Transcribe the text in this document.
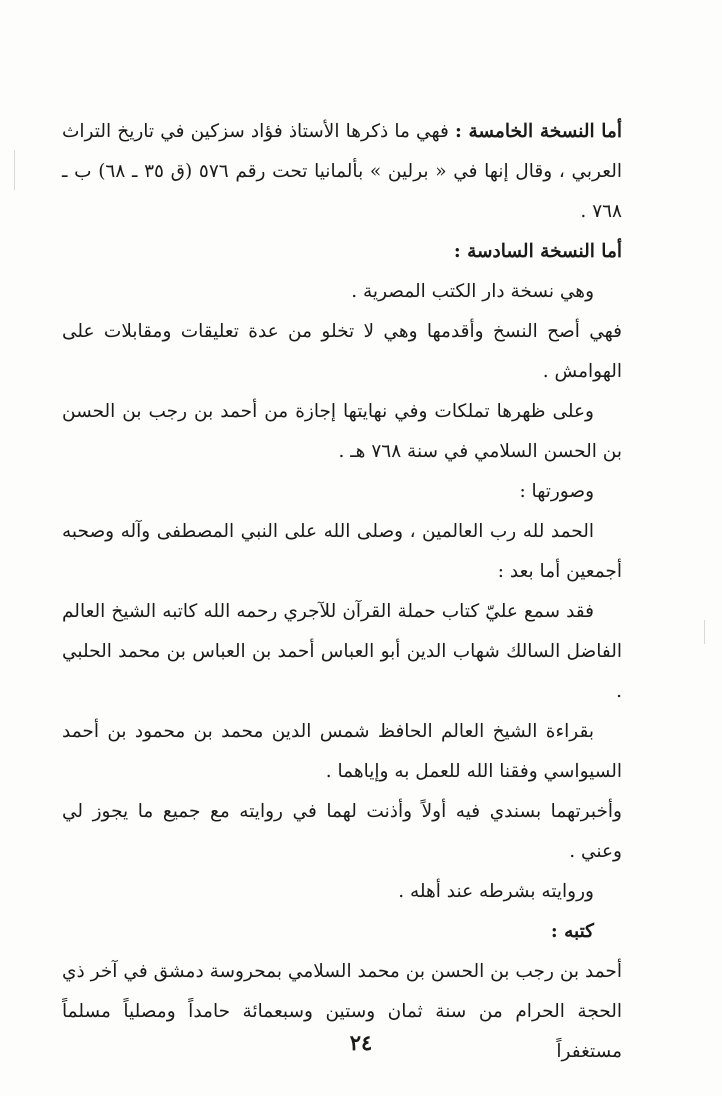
أما النسخة الخامسة : فهي ما ذكرها الأستاذ فؤاد سزكين في تاريخ التراث العربي ، وقال إنها في « برلين » بألمانيا تحت رقم ٥٧٦ (ق ٣٥ ـ ٦٨) ب ـ ٧٦٨ .

أما النسخة السادسة :

وهي نسخة دار الكتب المصرية .

فهي أصح النسخ وأقدمها وهي لا تخلو من عدة تعليقات ومقابلات على الهوامش .

وعلى ظهرها تملكات وفي نهايتها إجازة من أحمد بن رجب بن الحسن بن الحسن السلامي في سنة ٧٦٨ هـ .

وصورتها :

الحمد لله رب العالمين ، وصلى الله على النبي المصطفى وآله وصحبه أجمعين أما بعد :

فقد سمع عليّ كتاب حملة القرآن للآجري رحمه الله كاتبه الشيخ العالم الفاضل السالك شهاب الدين أبو العباس أحمد بن العباس بن محمد الحلبي .

بقراءة الشيخ العالم الحافظ شمس الدين محمد بن محمود بن أحمد السيواسي وفقنا الله للعمل به وإياهما .

وأخبرتهما بسندي فيه أولاً وأذنت لهما في روايته مع جميع ما يجوز لي وعني .

وروايته بشرطه عند أهله .

كتبه :

أحمد بن رجب بن الحسن بن محمد السلامي بمحروسة دمشق في آخر ذي الحجة الحرام من سنة ثمان وستين وسبعمائة حامداً ومصلياً مسلماً مستغفراً

٢٤
